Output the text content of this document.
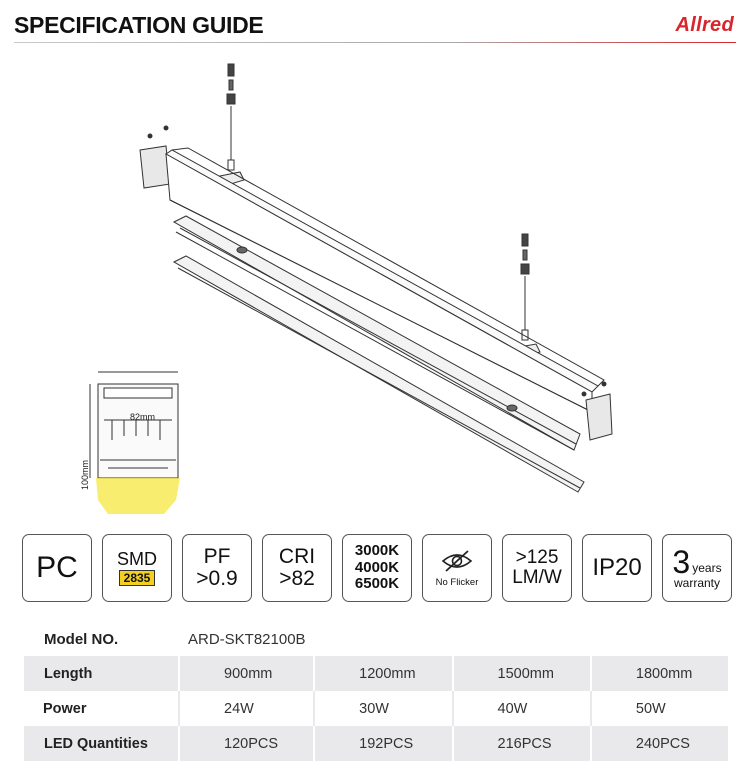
SPECIFICATION GUIDE	Allred
82mm
100mm
PC SMD
2835
PF
>0.9
CRI
>82
3000K
4000K
6500K	No Flicker
>125
LM/W IP20 3 years
warranty
Model NO.	ARD-SKT82100B
Length	900mm	1200mm	1500mm	1800mm
Power	24W	30W	40W	50W
LED Quantities	120PCS	192PCS	216PCS	240PCS
